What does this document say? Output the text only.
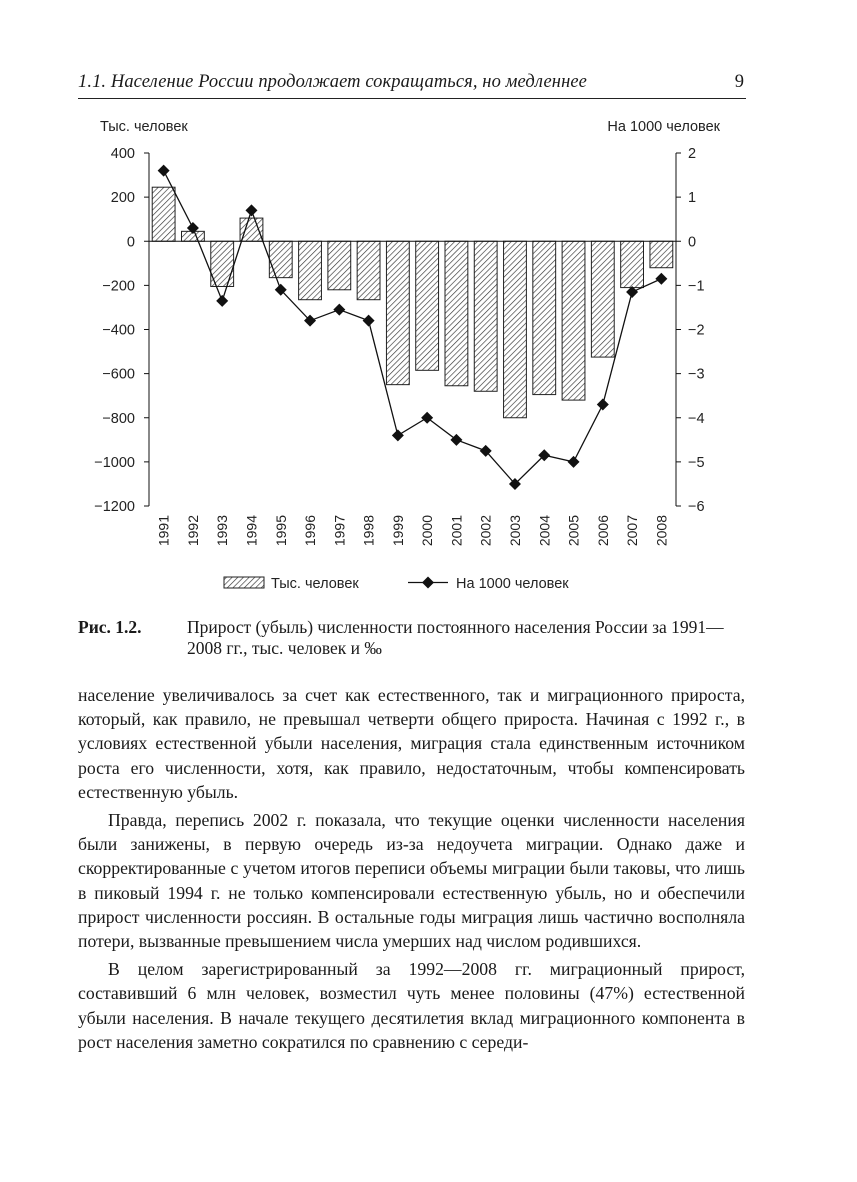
1.1. Население России продолжает сокращаться, но медленнее	9
Тыс. человек	На 1000 человек
400
200
0
−200
−400
−600
−800
−1000
−1200
2
1
0
−1
−2
−3
−4
−5
−6
1991 1992 1993 1994 1995 1996 1997 1998 1999 2000 2001 2002 2003 2004 2005 2006 2007 2008
Тыс. человек	На 1000 человек
Рис. 1.2.	Прирост (убыль) численности постоянного населения России за 1991—2008 гг., тыс. человек и ‰

население увеличивалось за счет как естественного, так и миграционного прироста, который, как правило, не превышал четверти общего прироста. Начиная с 1992 г., в условиях естественной убыли населения, миграция стала единственным источником роста его численности, хотя, как правило, недостаточным, чтобы компенсировать естественную убыль.

Правда, перепись 2002 г. показала, что текущие оценки численности населения были занижены, в первую очередь из-за недоучета миграции. Однако даже и скорректированные с учетом итогов переписи объемы миграции были таковы, что лишь в пиковый 1994 г. не только компенсировали естественную убыль, но и обеспечили прирост численности россиян. В остальные годы миграция лишь частично восполняла потери, вызванные превышением числа умерших над числом родившихся.

В целом зарегистрированный за 1992—2008 гг. миграционный прирост, составивший 6 млн человек, возместил чуть менее половины (47%) естественной убыли населения. В начале текущего десятилетия вклад миграционного компонента в рост населения заметно сократился по сравнению с середи-
